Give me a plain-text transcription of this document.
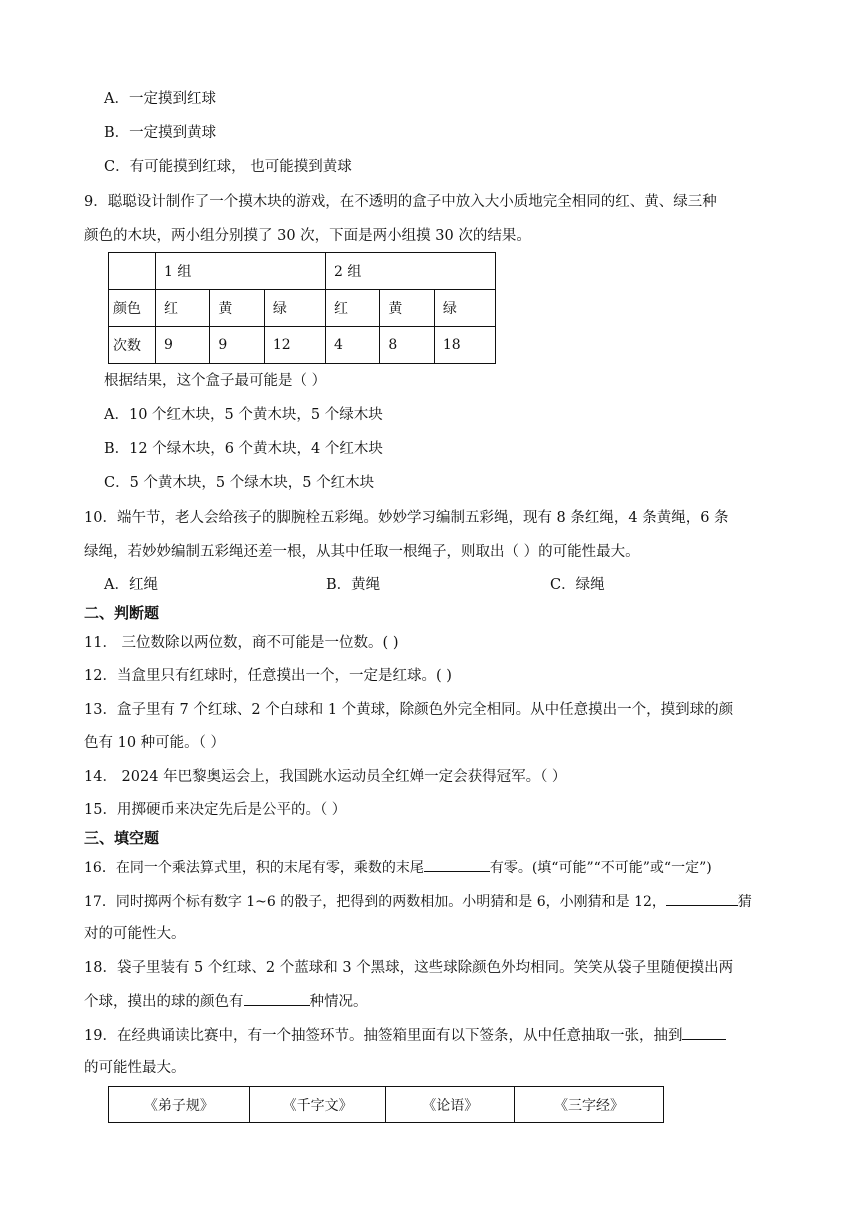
A．一定摸到红球
B．一定摸到黄球
C．有可能摸到红球， 也可能摸到黄球
9．聪聪设计制作了一个摸木块的游戏，在不透明的盒子中放入大小质地完全相同的红、黄、绿三种
颜色的木块，两小组分别摸了 30 次，下面是两小组摸 30 次的结果。
	1 组			2 组		
颜色	红	黄	绿	红	黄	绿
次数	9	9	12	4	8	18
根据结果，这个盒子最可能是（ ）
A．10 个红木块，5 个黄木块，5 个绿木块
B．12 个绿木块，6 个黄木块，4 个红木块
C．5 个黄木块，5 个绿木块，5 个红木块
10．端午节，老人会给孩子的脚腕栓五彩绳。妙妙学习编制五彩绳，现有 8 条红绳，4 条黄绳，6 条
绿绳，若妙妙编制五彩绳还差一根，从其中任取一根绳子，则取出（ ）的可能性最大。
A．红绳	B．黄绳	C．绿绳
二、判断题
11． 三位数除以两位数，商不可能是一位数。( )
12．当盒里只有红球时，任意摸出一个，一定是红球。( )
13．盒子里有 7 个红球、2 个白球和 1 个黄球，除颜色外完全相同。从中任意摸出一个，摸到球的颜
色有 10 种可能。（ ）
14． 2024 年巴黎奥运会上，我国跳水运动员全红婵一定会获得冠军。（ ）
15．用掷硬币来决定先后是公平的。（ ）
三、填空题
16．在同一个乘法算式里，积的末尾有零，乘数的末尾	有零。(填“可能”“不可能”或“一定”)
17．同时掷两个标有数字 1~6 的骰子，把得到的两数相加。小明猜和是 6，小刚猜和是 12，	猜
对的可能性大。
18．袋子里装有 5 个红球、2 个蓝球和 3 个黑球，这些球除颜色外均相同。笑笑从袋子里随便摸出两
个球，摸出的球的颜色有	种情况。
19．在经典诵读比赛中，有一个抽签环节。抽签箱里面有以下签条，从中任意抽取一张，抽到
的可能性最大。
《弟子规》	《千字文》	《论语》	《三字经》
